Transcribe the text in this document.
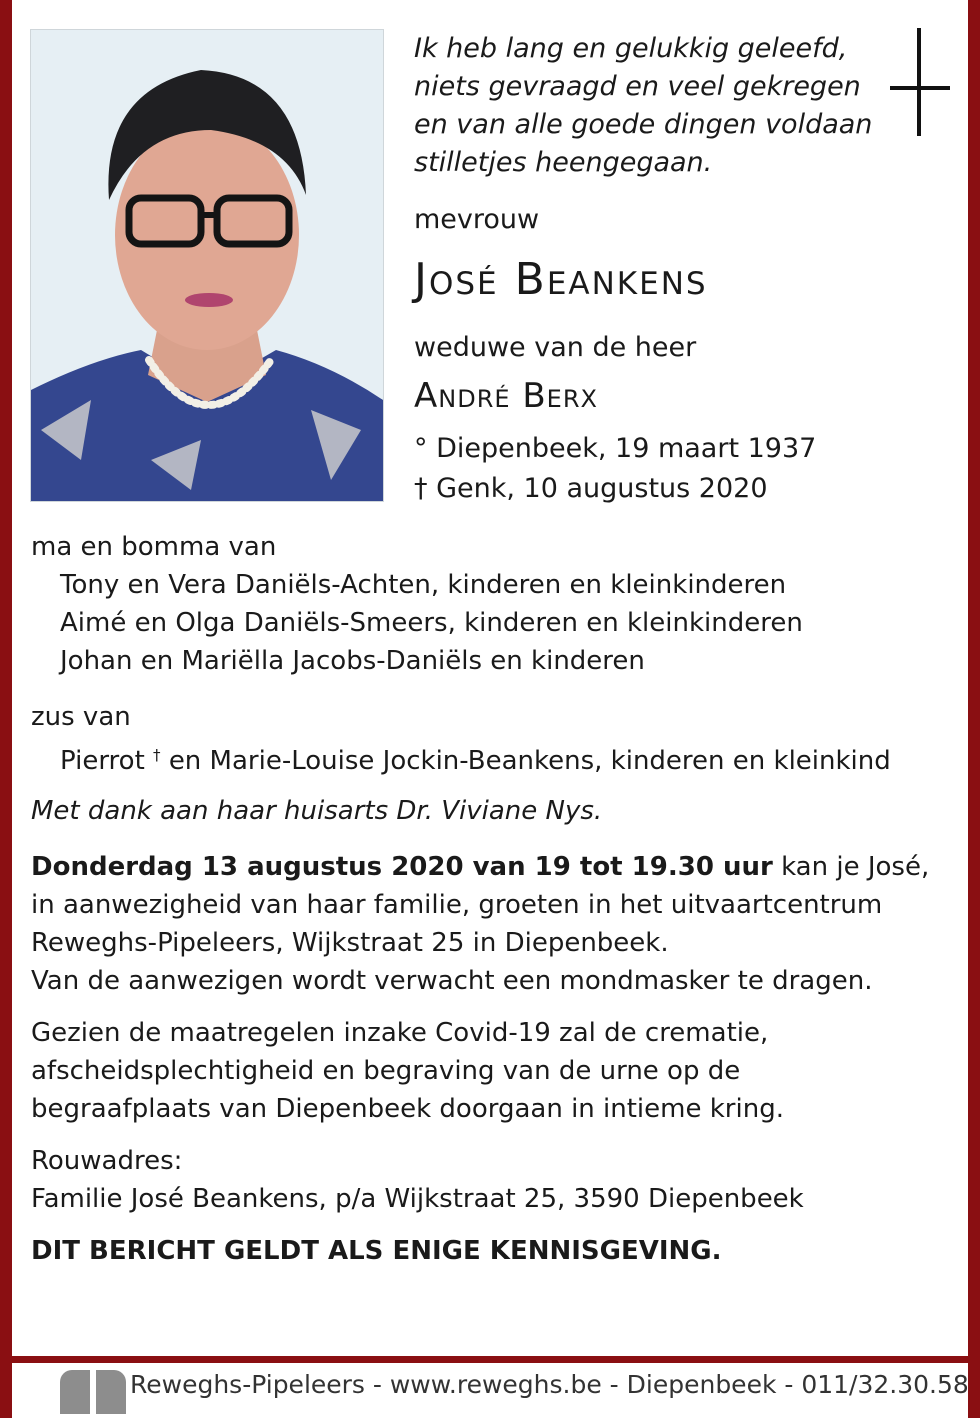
Ik heb lang en gelukkig geleefd,
niets gevraagd en veel gekregen
en van alle goede dingen voldaan
stilletjes heengegaan.
mevrouw
José Beankens
weduwe van de heer
André Berx
° Diepenbeek, 19 maart 1937
† Genk, 10 augustus 2020
ma en bomma van
Tony en Vera Daniëls-Achten, kinderen en kleinkinderen
Aimé en Olga Daniëls-Smeers, kinderen en kleinkinderen
Johan en Mariëlla Jacobs-Daniëls en kinderen
zus van
Pierrot † en Marie-Louise Jockin-Beankens, kinderen en kleinkind
Met dank aan haar huisarts Dr. Viviane Nys.
Donderdag 13 augustus 2020 van 19 tot 19.30 uur kan je José,
in aanwezigheid van haar familie, groeten in het uitvaartcentrum
Reweghs-Pipeleers, Wijkstraat 25 in Diepenbeek.
Van de aanwezigen wordt verwacht een mondmasker te dragen.
Gezien de maatregelen inzake Covid-19 zal de crematie,
afscheidsplechtigheid en begraving van de urne op de
begraafplaats van Diepenbeek doorgaan in intieme kring.
Rouwadres:
Familie José Beankens, p/a Wijkstraat 25, 3590 Diepenbeek
DIT BERICHT GELDT ALS ENIGE KENNISGEVING.
Reweghs-Pipeleers - www.reweghs.be - Diepenbeek - 011/32.30.58
